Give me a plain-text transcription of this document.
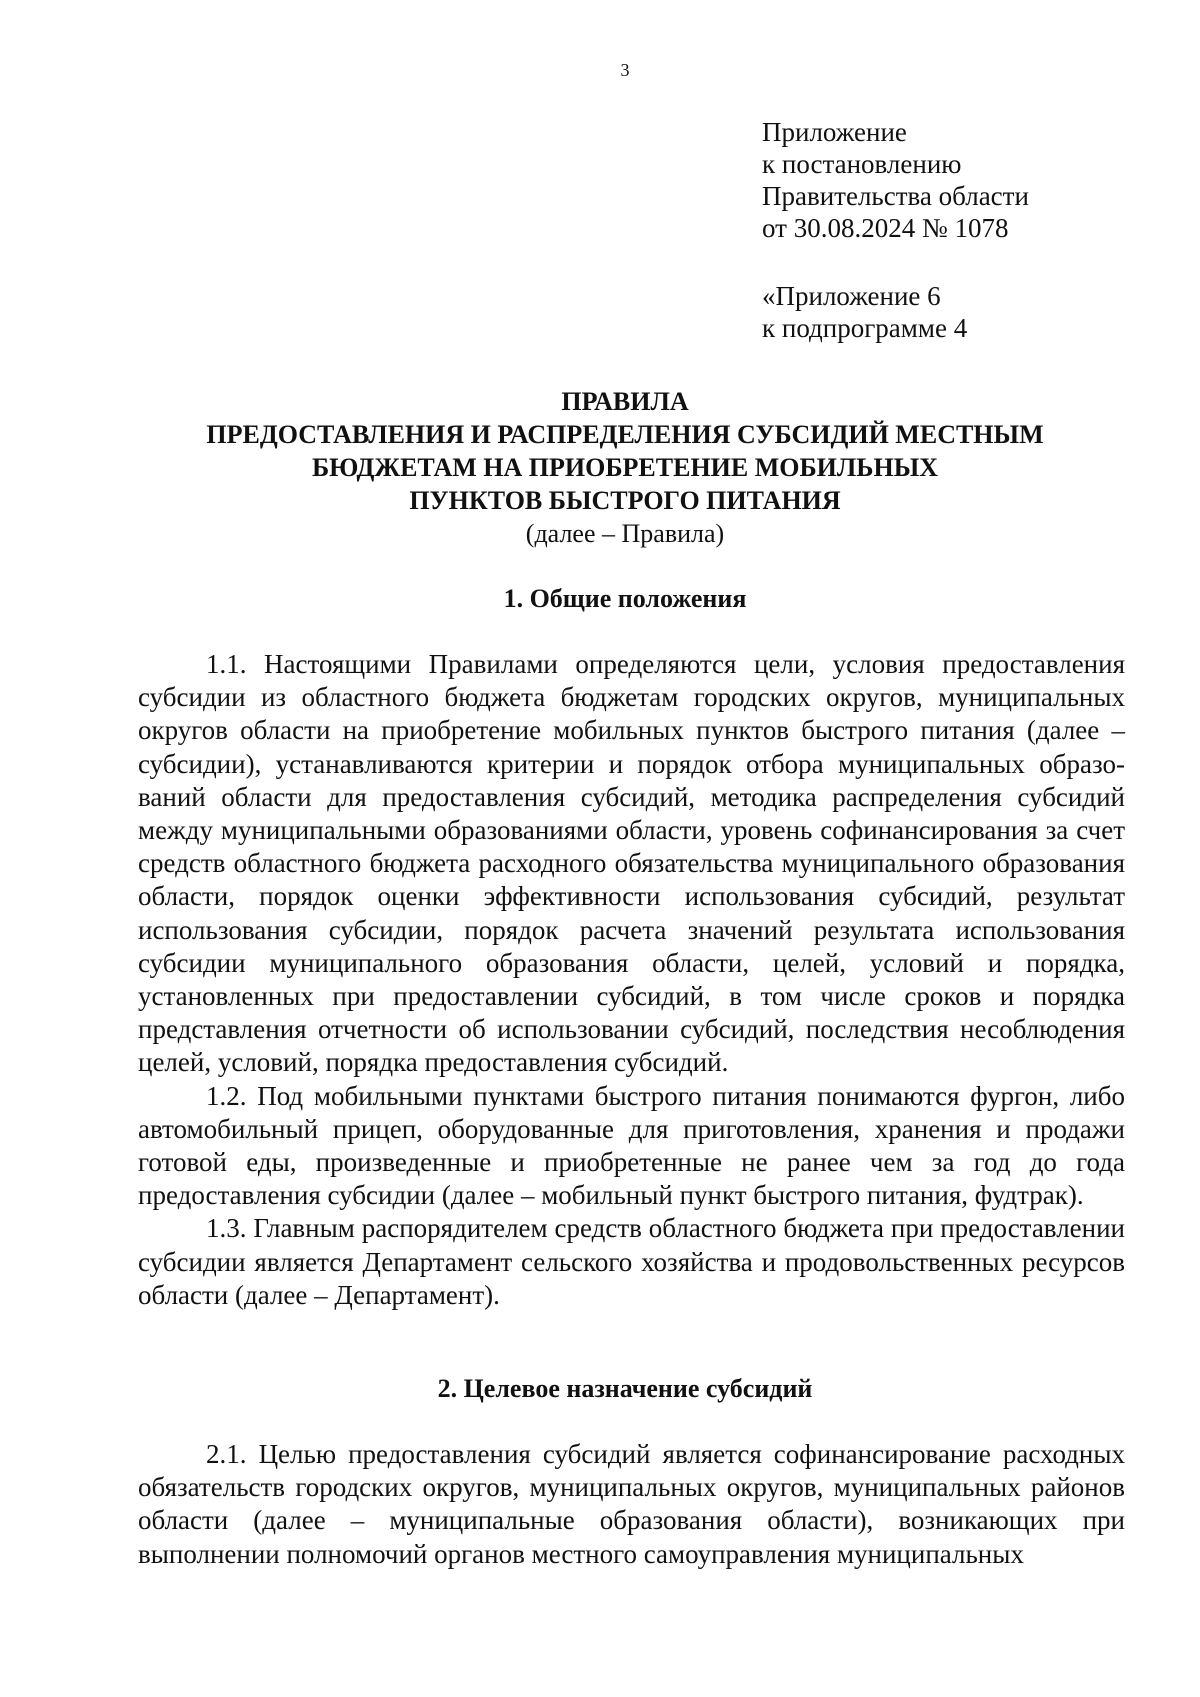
3
Приложение
к постановлению
Правительства области
от 30.08.2024 № 1078
«Приложение 6
к подпрограмме 4
ПРАВИЛА
ПРЕДОСТАВЛЕНИЯ И РАСПРЕДЕЛЕНИЯ СУБСИДИЙ МЕСТНЫМ
БЮДЖЕТАМ НА ПРИОБРЕТЕНИЕ МОБИЛЬНЫХ
ПУНКТОВ БЫСТРОГО ПИТАНИЯ
(далее – Правила)
1. Общие положения

1.1. Настоящими Правилами определяются цели, условия предоставления субсидии из областного бюджета бюджетам городских округов, муниципальных округов области на приобретение мобильных пунктов быстрого питания (далее – субсидии), устанавливаются критерии и порядок отбора муниципальных образований области для предоставления субсидий, методика распределения субсидий между муниципальными образованиями области, уровень софинансирования за счет средств областного бюджета расходного обязательства муниципального образования области, порядок оценки эффективности использования субсидий, результат использования субсидии, порядок расчета значений результата использования субсидии муниципального образования области, целей, условий и порядка, установленных при предоставлении субсидий, в том числе сроков и порядка представления отчетности об использовании субсидий, последствия несоблюдения целей, условий, порядка предоставления субсидий.

1.2. Под мобильными пунктами быстрого питания понимаются фургон, либо автомобильный прицеп, оборудованные для приготовления, хранения и продажи готовой еды, произведенные и приобретенные не ранее чем за год до года предоставления субсидии (далее – мобильный пункт быстрого питания, фудтрак).

1.3. Главным распорядителем средств областного бюджета при предоставлении субсидии является Департамент сельского хозяйства и продовольственных ресурсов области (далее – Департамент).

2. Целевое назначение субсидий

2.1. Целью предоставления субсидий является софинансирование расходных обязательств городских округов, муниципальных округов, муниципальных районов области (далее – муниципальные образования области), возникающих при выполнении полномочий органов местного самоуправления муниципальных
